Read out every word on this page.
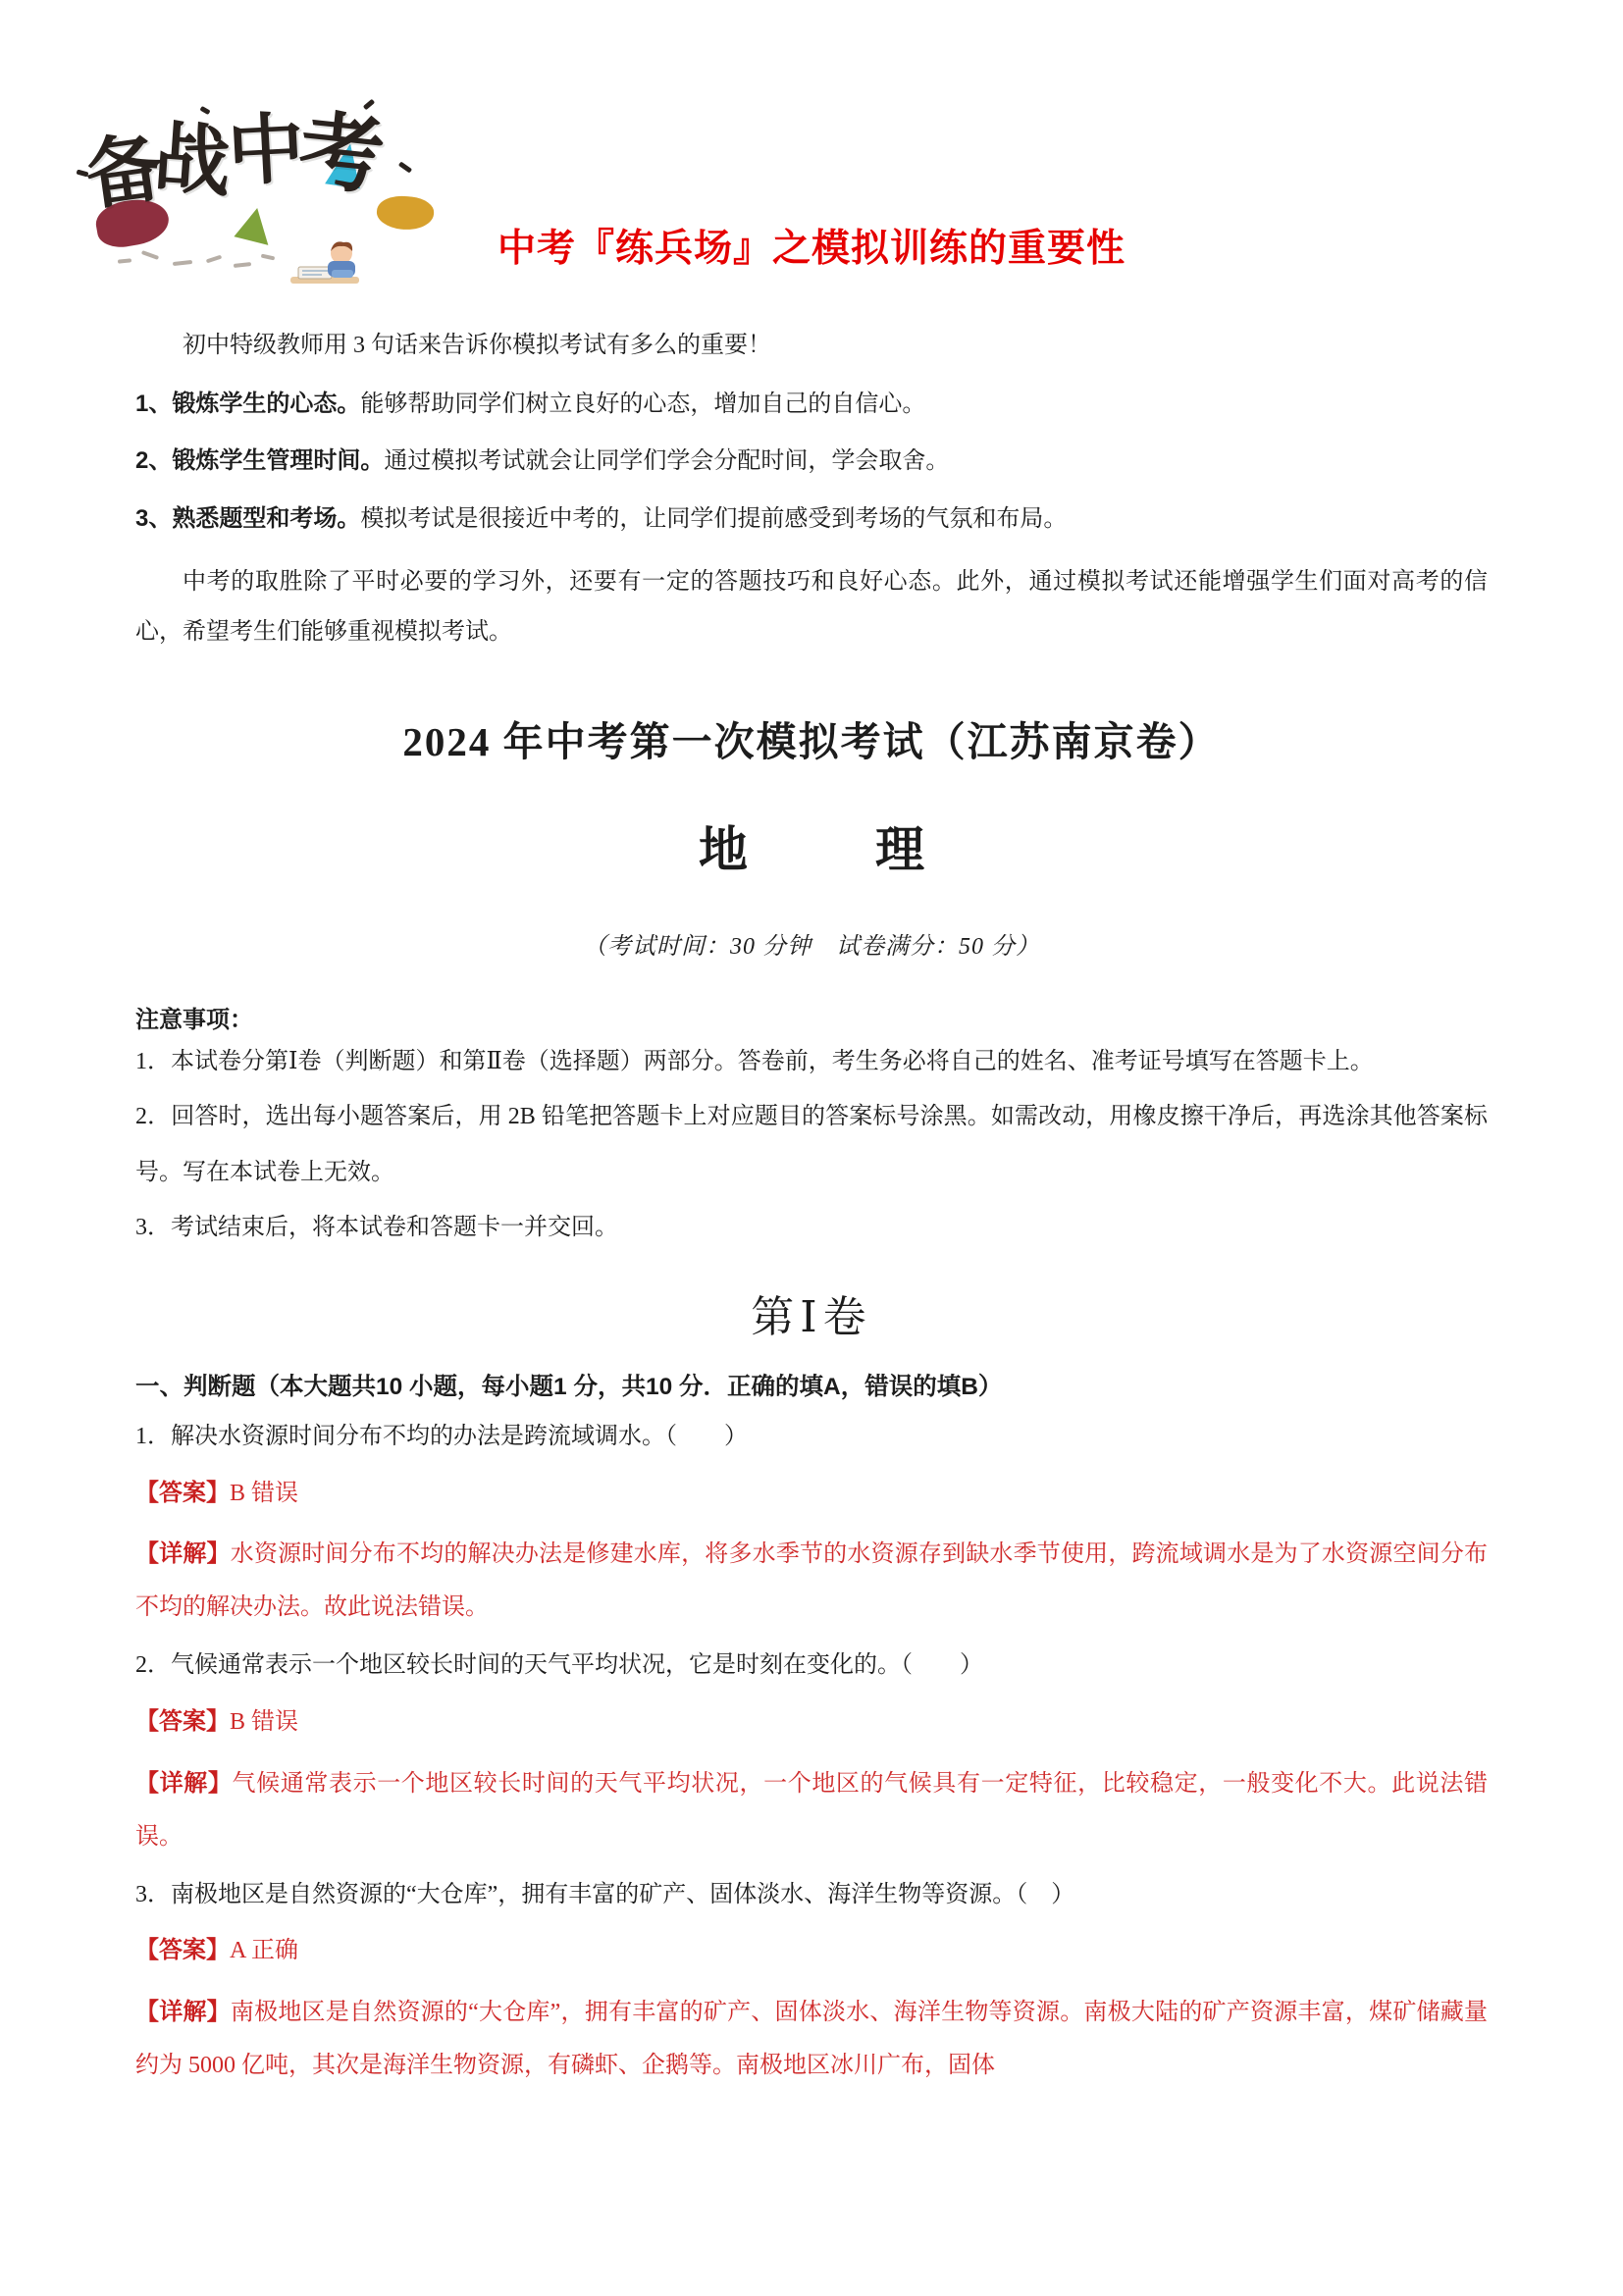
备战中考
中考『练兵场』之模拟训练的重要性

初中特级教师用 3 句话来告诉你模拟考试有多么的重要！

1、锻炼学生的心态。能够帮助同学们树立良好的心态，增加自己的自信心。

2、锻炼学生管理时间。通过模拟考试就会让同学们学会分配时间，学会取舍。

3、熟悉题型和考场。模拟考试是很接近中考的，让同学们提前感受到考场的气氛和布局。

中考的取胜除了平时必要的学习外，还要有一定的答题技巧和良好心态。此外，通过模拟考试还能增强学生们面对高考的信心，希望考生们能够重视模拟考试。

2024 年中考第一次模拟考试（江苏南京卷）
地　理
（考试时间：30 分钟　试卷满分：50 分）
注意事项：

1．本试卷分第Ⅰ卷（判断题）和第Ⅱ卷（选择题）两部分。答卷前，考生务必将自己的姓名、准考证号填写在答题卡上。

2．回答时，选出每小题答案后，用 2B 铅笔把答题卡上对应题目的答案标号涂黑。如需改动，用橡皮擦干净后，再选涂其他答案标号。写在本试卷上无效。

3．考试结束后，将本试卷和答题卡一并交回。

第Ⅰ卷
一、判断题（本大题共10 小题，每小题1 分，共10 分．正确的填A，错误的填B）

1．解决水资源时间分布不均的办法是跨流域调水。（　　）

【答案】B 错误

【详解】水资源时间分布不均的解决办法是修建水库，将多水季节的水资源存到缺水季节使用，跨流域调水是为了水资源空间分布不均的解决办法。故此说法错误。

2．气候通常表示一个地区较长时间的天气平均状况，它是时刻在变化的。（　　）

【答案】B 错误

【详解】气候通常表示一个地区较长时间的天气平均状况，一个地区的气候具有一定特征，比较稳定，一般变化不大。此说法错误。

3．南极地区是自然资源的“大仓库”，拥有丰富的矿产、固体淡水、海洋生物等资源。（　）

【答案】A 正确

【详解】南极地区是自然资源的“大仓库”，拥有丰富的矿产、固体淡水、海洋生物等资源。南极大陆的矿产资源丰富，煤矿储藏量约为 5000 亿吨，其次是海洋生物资源，有磷虾、企鹅等。南极地区冰川广布，固体
